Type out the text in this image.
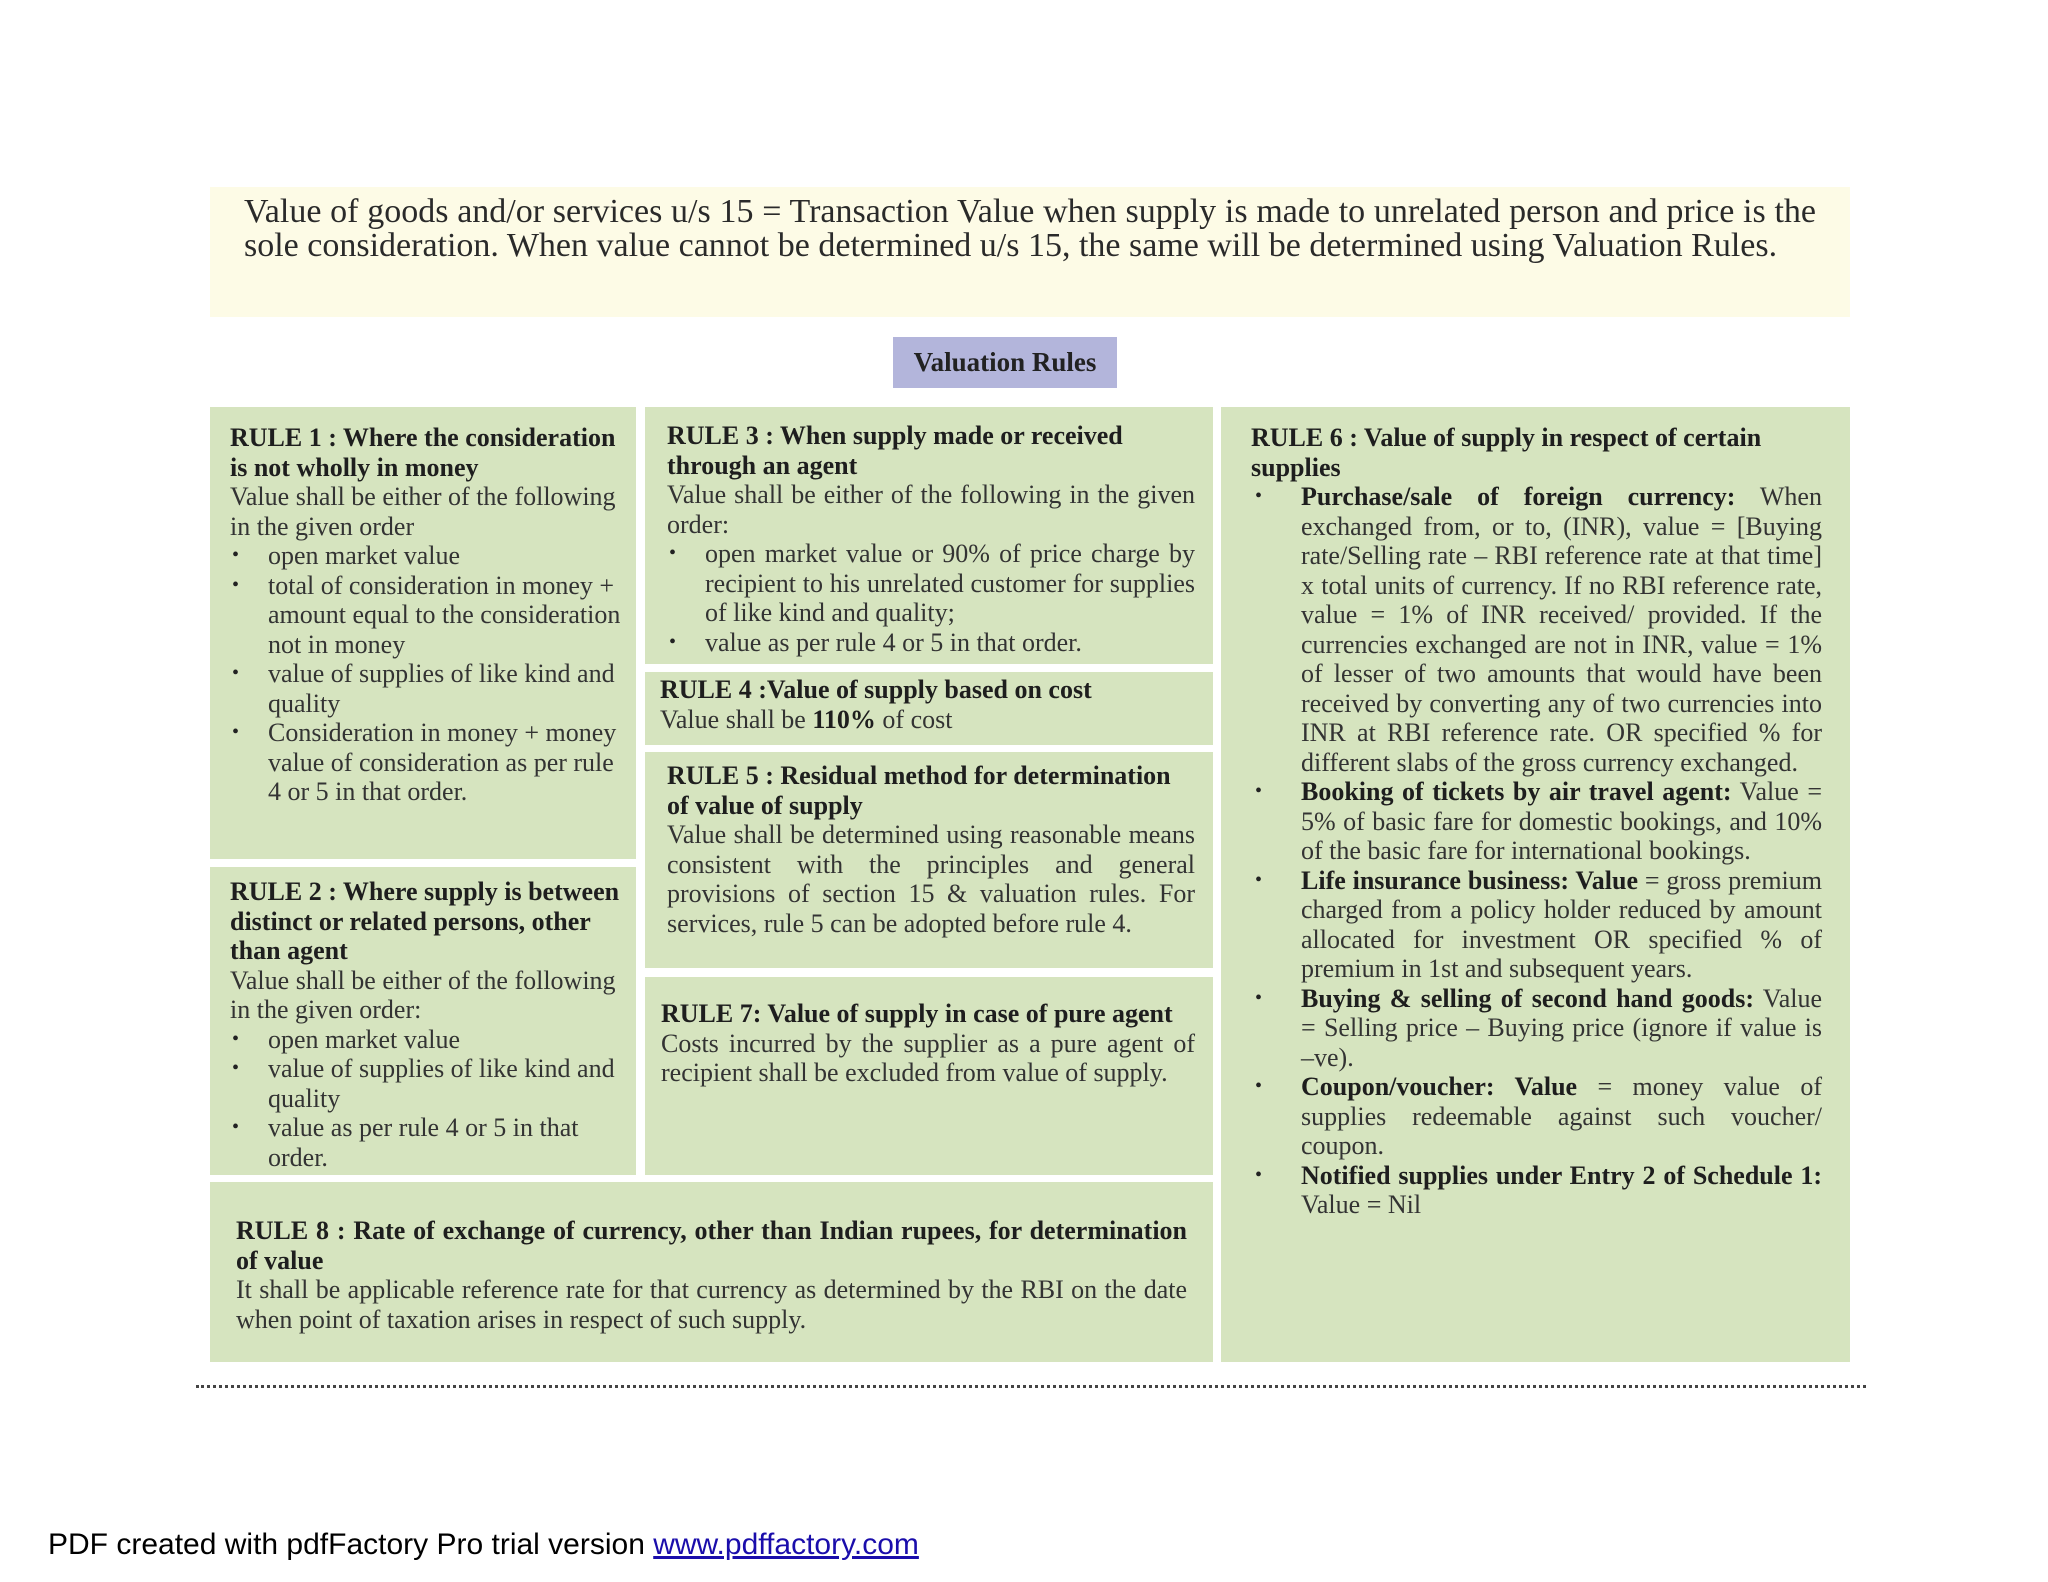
Value of goods and/or services u/s 15 = Transaction Value when supply is made to unrelated person and price is the sole consideration. When value cannot be determined u/s 15, the same will be determined using Valuation Rules.
Valuation Rules

RULE 1 : Where the consideration is not wholly in money

Value shall be either of the following in the given order

• open market value
• total of consideration in money + amount equal to the consideration not in money
• value of supplies of like kind and quality
• Consideration in money + money value of consideration as per rule 4 or 5 in that order.

RULE 2 : Where supply is between distinct or related persons, other than agent

Value shall be either of the following in the given order:

• open market value
• value of supplies of like kind and quality
• value as per rule 4 or 5 in that order.

RULE 3 : When supply made or received through an agent

Value shall be either of the following in the given order:

• open market value or 90% of price charge by recipient to his unrelated customer for supplies of like kind and quality;
• value as per rule 4 or 5 in that order.

RULE 4 :Value of supply based on cost

Value shall be 110% of cost

RULE 5 : Residual method for determination of value of supply

Value shall be determined using reasonable means consistent with the principles and general provisions of section 15 & valuation rules. For services, rule 5 can be adopted before rule 4.

RULE 7: Value of supply in case of pure agent

Costs incurred by the supplier as a pure agent of recipient shall be excluded from value of supply.

RULE 8 : Rate of exchange of currency, other than Indian rupees, for determination of value

It shall be applicable reference rate for that currency as determined by the RBI on the date when point of taxation arises in respect of such supply.

RULE 6 : Value of supply in respect of certain supplies

• Purchase/sale of foreign currency: When exchanged from, or to, (INR), value = [Buying rate/Selling rate – RBI reference rate at that time] x total units of currency. If no RBI reference rate, value = 1% of INR received/ provided. If the currencies exchanged are not in INR, value = 1% of lesser of two amounts that would have been received by converting any of two currencies into INR at RBI reference rate. OR specified % for different slabs of the gross currency exchanged.
• Booking of tickets by air travel agent: Value = 5% of basic fare for domestic bookings, and 10% of the basic fare for international bookings.
• Life insurance business: Value = gross premium charged from a policy holder reduced by amount allocated for investment OR specified % of premium in 1st and subsequent years.
• Buying & selling of second hand goods: Value = Selling price – Buying price (ignore if value is –ve).
• Coupon/voucher: Value = money value of supplies redeemable against such voucher/ coupon.
• Notified supplies under Entry 2 of Schedule 1: Value = Nil
PDF created with pdfFactory Pro trial version www.pdffactory.com
